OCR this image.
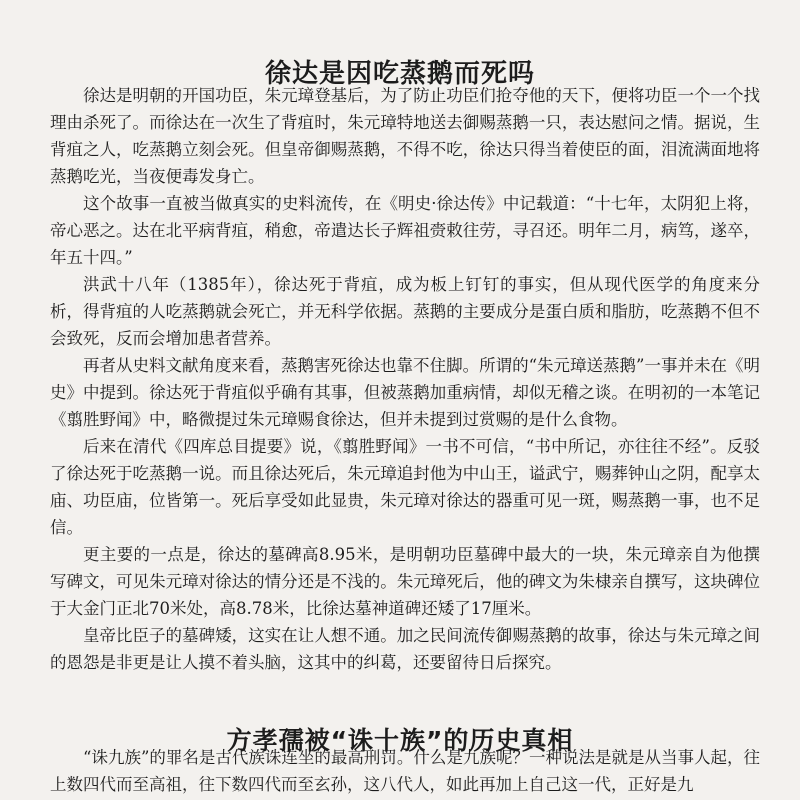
徐达是因吃蒸鹅而死吗

徐达是明朝的开国功臣，朱元璋登基后，为了防止功臣们抢夺他的天下，便将功臣一个一个找理由杀死了。而徐达在一次生了背疽时，朱元璋特地送去御赐蒸鹅一只，表达慰问之情。据说，生背疽之人，吃蒸鹅立刻会死。但皇帝御赐蒸鹅，不得不吃，徐达只得当着使臣的面，泪流满面地将蒸鹅吃光，当夜便毒发身亡。

这个故事一直被当做真实的史料流传，在《明史·徐达传》中记载道：“十七年，太阴犯上将，帝心恶之。达在北平病背疽，稍愈，帝遣达长子辉祖赍敕往劳，寻召还。明年二月，病笃，遂卒，年五十四。”

洪武十八年（1385年），徐达死于背疽，成为板上钉钉的事实，但从现代医学的角度来分析，得背疽的人吃蒸鹅就会死亡，并无科学依据。蒸鹅的主要成分是蛋白质和脂肪，吃蒸鹅不但不会致死，反而会增加患者营养。

再者从史料文献角度来看，蒸鹅害死徐达也靠不住脚。所谓的“朱元璋送蒸鹅”一事并未在《明史》中提到。徐达死于背疽似乎确有其事，但被蒸鹅加重病情，却似无稽之谈。在明初的一本笔记《翦胜野闻》中，略微提过朱元璋赐食徐达，但并未提到过赏赐的是什么食物。

后来在清代《四库总目提要》说，《翦胜野闻》一书不可信，“书中所记，亦往往不经”。反驳了徐达死于吃蒸鹅一说。而且徐达死后，朱元璋追封他为中山王，谥武宁，赐葬钟山之阴，配享太庙、功臣庙，位皆第一。死后享受如此显贵，朱元璋对徐达的器重可见一斑，赐蒸鹅一事，也不足信。

更主要的一点是，徐达的墓碑高8.95米，是明朝功臣墓碑中最大的一块，朱元璋亲自为他撰写碑文，可见朱元璋对徐达的情分还是不浅的。朱元璋死后，他的碑文为朱棣亲自撰写，这块碑位于大金门正北70米处，高8.78米，比徐达墓神道碑还矮了17厘米。

皇帝比臣子的墓碑矮，这实在让人想不通。加之民间流传御赐蒸鹅的故事，徐达与朱元璋之间的恩怨是非更是让人摸不着头脑，这其中的纠葛，还要留待日后探究。

方孝孺被“诛十族”的历史真相

“诛九族”的罪名是古代族诛连坐的最高刑罚。什么是九族呢？一种说法是就是从当事人起，往上数四代而至高祖，往下数四代而至玄孙，这八代人，如此再加上自己这一代，正好是九
